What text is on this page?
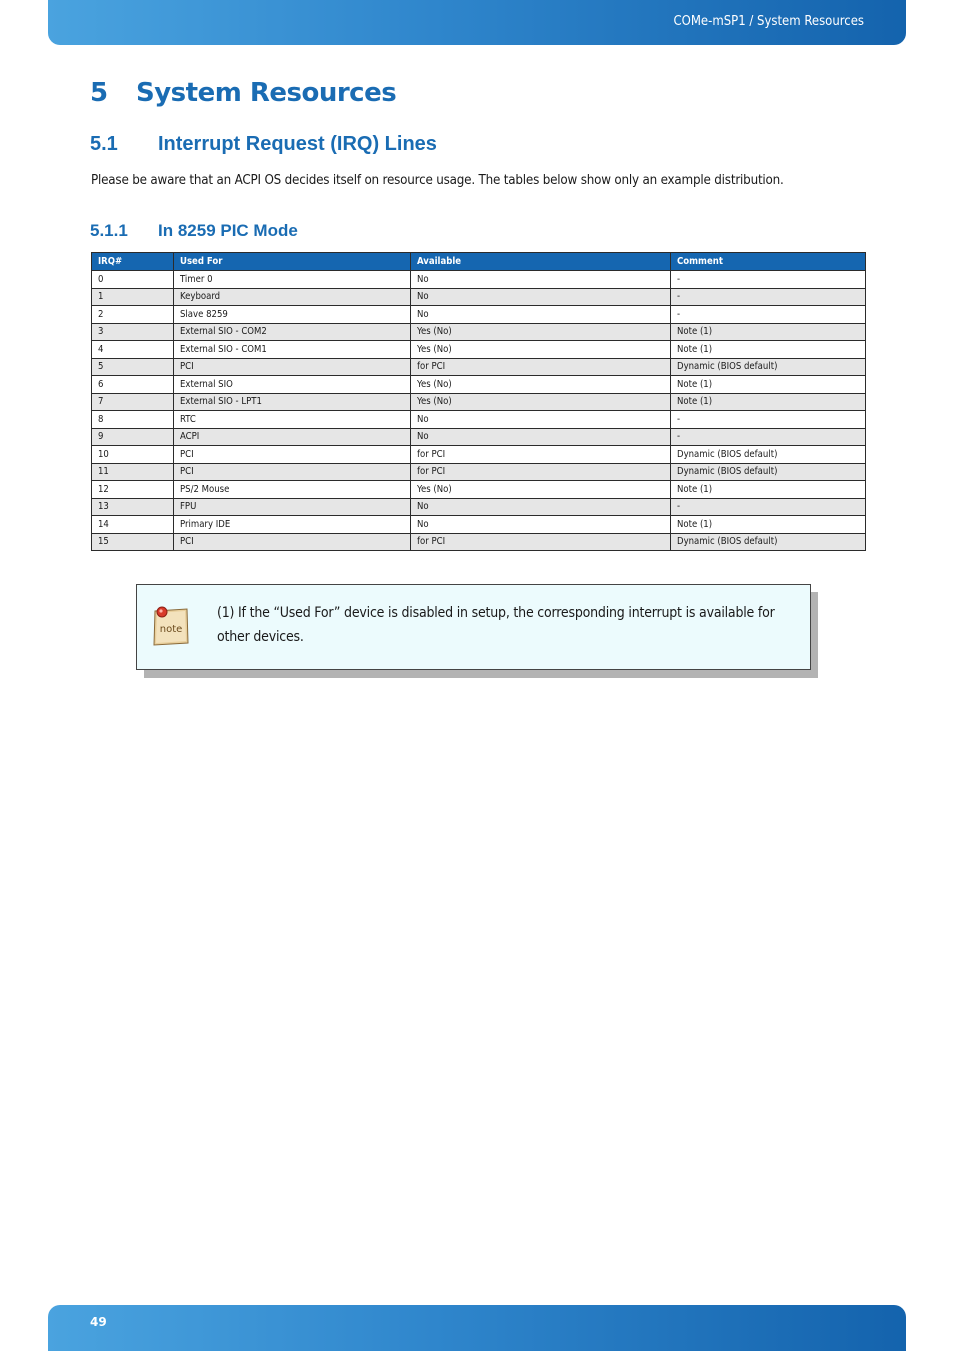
COMe-mSP1 / System Resources
5 System Resources
5.1 Interrupt Request (IRQ) Lines

Please be aware that an ACPI OS decides itself on resource usage. The tables below show only an example distribution.

5.1.1 In 8259 PIC Mode
IRQ#	Used For	Available	Comment
0	Timer 0	No	-
1	Keyboard	No	-
2	Slave 8259	No	-
3	External SIO - COM2	Yes (No)	Note (1)
4	External SIO - COM1	Yes (No)	Note (1)
5	PCI	for PCI	Dynamic (BIOS default)
6	External SIO	Yes (No)	Note (1)
7	External SIO - LPT1	Yes (No)	Note (1)
8	RTC	No	-
9	ACPI	No	-
10	PCI	for PCI	Dynamic (BIOS default)
11	PCI	for PCI	Dynamic (BIOS default)
12	PS/2 Mouse	Yes (No)	Note (1)
13	FPU	No	-
14	Primary IDE	No	Note (1)
15	PCI	for PCI	Dynamic (BIOS default)
note
(1) If the “Used For” device is disabled in setup, the corresponding interrupt is available for other devices.
49
